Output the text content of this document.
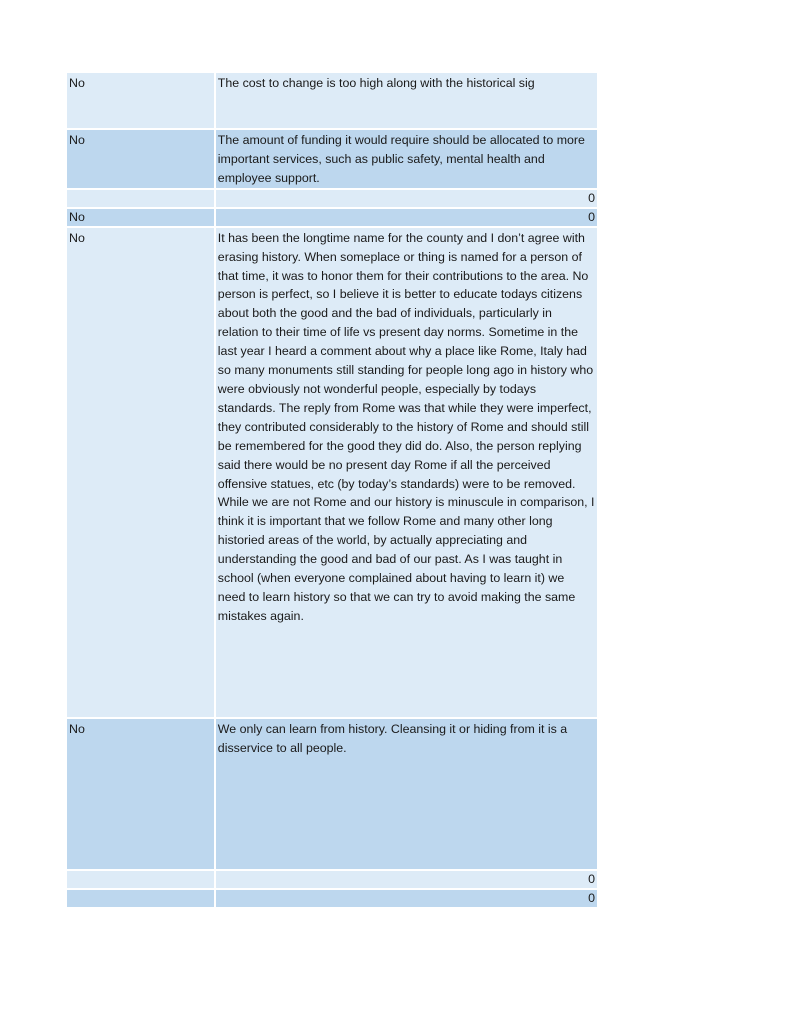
No	The cost to change is too high along with the historical sig
No	The amount of funding it would require should be allocated to more important services, such as public safety, mental health and employee support.
	0
No	0
No	It has been the longtime name for the county and I don’t agree with erasing history. When someplace or thing is named for a person of that time, it was to honor them for their contributions to the area. No person is perfect, so I believe it is better to educate todays citizens about both the good and the bad of individuals, particularly in relation to their time of life vs present day norms. Sometime in the last year I heard a comment about why a place like Rome, Italy had so many monuments still standing for people long ago in history who were obviously not wonderful people, especially by todays standards. The reply from Rome was that while they were imperfect, they contributed considerably to the history of Rome and should still be remembered for the good they did do. Also, the person replying said there would be no present day Rome if all the perceived offensive statues, etc (by today’s standards) were to be removed. While we are not Rome and our history is minuscule in comparison, I think it is important that we follow Rome and many other long historied areas of the world, by actually appreciating and understanding the good and bad of our past. As I was taught in school (when everyone complained about having to learn it) we need to learn history so that we can try to avoid making the same mistakes again.
No	We only can learn from history. Cleansing it or hiding from it is a disservice to all people.
	0
	0
